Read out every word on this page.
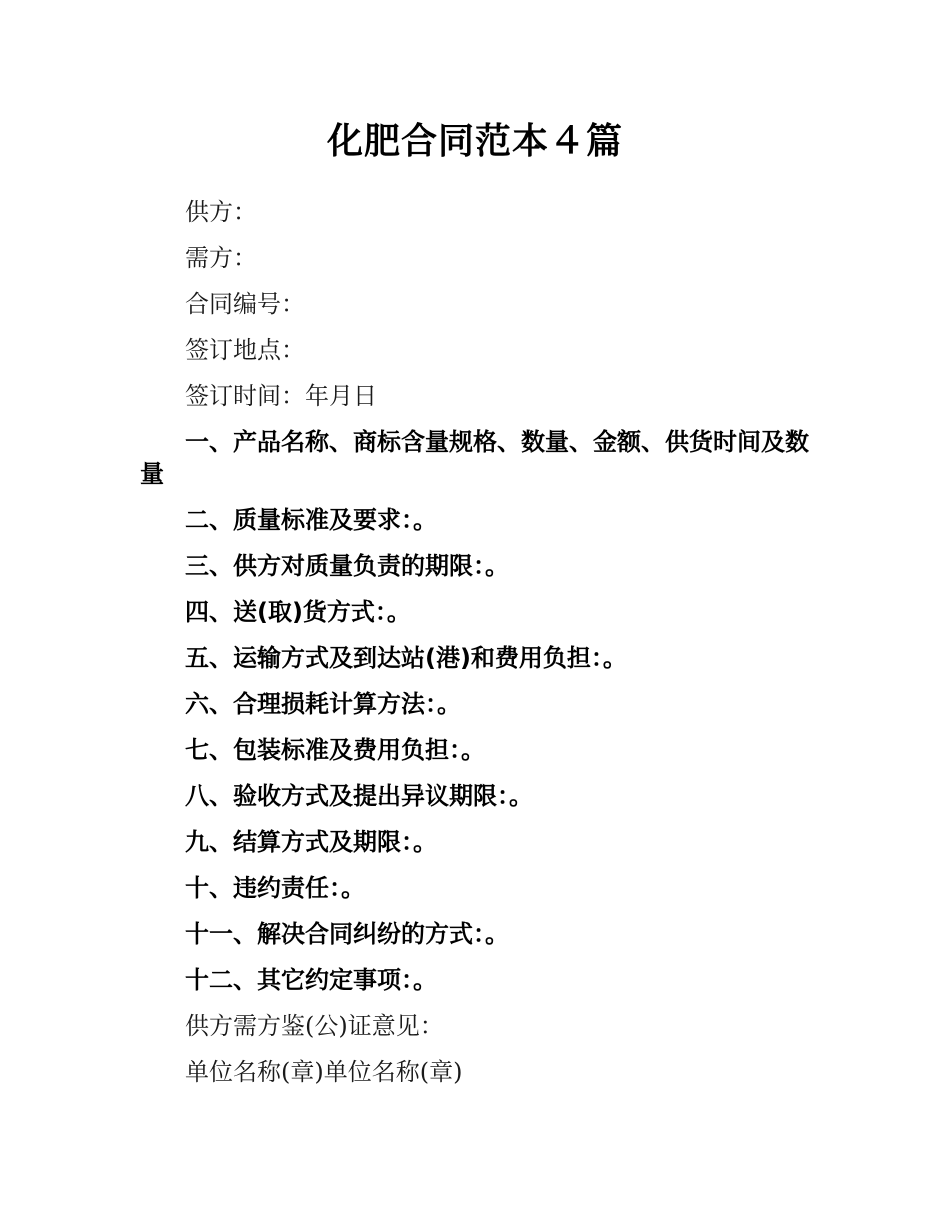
化肥合同范本４篇

供方：

需方：

合同编号：

签订地点：

签订时间：年月日

一、产品名称、商标含量规格、数量、金额、供货时间及数量

二、质量标准及要求：。

三、供方对质量负责的期限：。

四、送(取)货方式：。

五、运输方式及到达站(港)和费用负担：。

六、合理损耗计算方法：。

七、包装标准及费用负担：。

八、验收方式及提出异议期限：。

九、结算方式及期限：。

十、违约责任：。

十一、解决合同纠纷的方式：。

十二、其它约定事项：。

供方需方鉴(公)证意见：

单位名称(章)单位名称(章)
